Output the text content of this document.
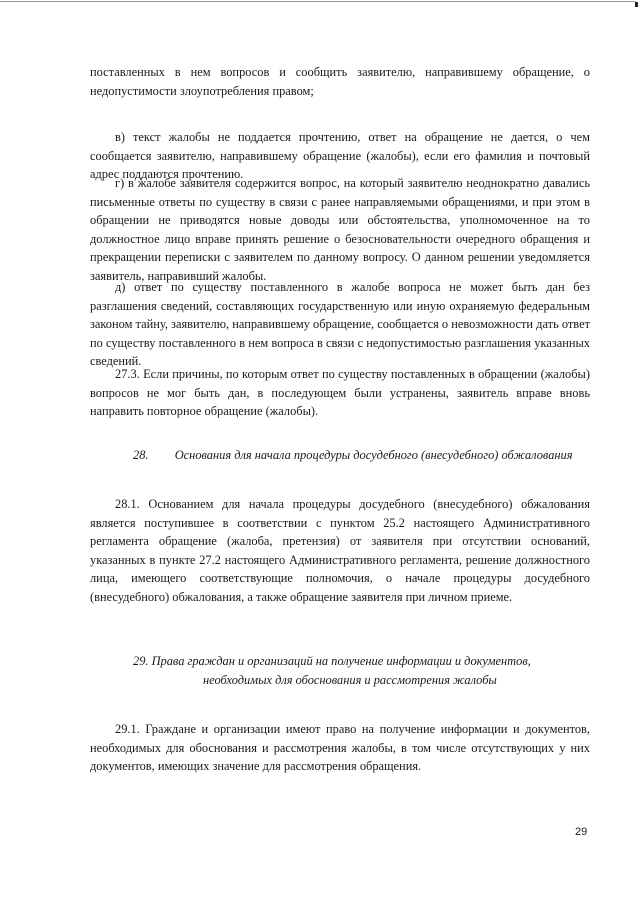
поставленных в нем вопросов и сообщить заявителю, направившему обращение, о недопустимости злоупотребления правом;

в) текст жалобы не поддается прочтению, ответ на обращение не дается, о чем сообщается заявителю, направившему обращение (жалобы), если его фамилия и почтовый адрес поддаются прочтению.

г) в жалобе заявителя содержится вопрос, на который заявителю неоднократно давались письменные ответы по существу в связи с ранее направляемыми обращениями, и при этом в обращении не приводятся новые доводы или обстоятельства, уполномоченное на то должностное лицо вправе принять решение о безосновательности очередного обращения и прекращении переписки с заявителем по данному вопросу. О данном решении уведомляется заявитель, направивший жалобы.

д) ответ по существу поставленного в жалобе вопроса не может быть дан без разглашения сведений, составляющих государственную или иную охраняемую федеральным законом тайну, заявителю, направившему обращение, сообщается о невозможности дать ответ по существу поставленного в нем вопроса в связи с недопустимостью разглашения указанных сведений.

27.3. Если причины, по которым ответ по существу поставленных в обращении (жалобы) вопросов не мог быть дан, в последующем были устранены, заявитель вправе вновь направить повторное обращение (жалобы).

28. Основания для начала процедуры досудебного (внесудебного) обжалования

28.1. Основанием для начала процедуры досудебного (внесудебного) обжалования является поступившее в соответствии с пунктом 25.2 настоящего Административного регламента обращение (жалоба, претензия) от заявителя при отсутствии оснований, указанных в пункте 27.2 настоящего Административного регламента, решение должностного лица, имеющего соответствующие полномочия, о начале процедуры досудебного (внесудебного) обжалования, а также обращение заявителя при личном приеме.

29. Права граждан и организаций на получение информации и документов,
необходимых для обоснования и рассмотрения жалобы

29.1. Граждане и организации имеют право на получение информации и документов, необходимых для обоснования и рассмотрения жалобы, в том числе отсутствующих у них документов, имеющих значение для рассмотрения обращения.

29
